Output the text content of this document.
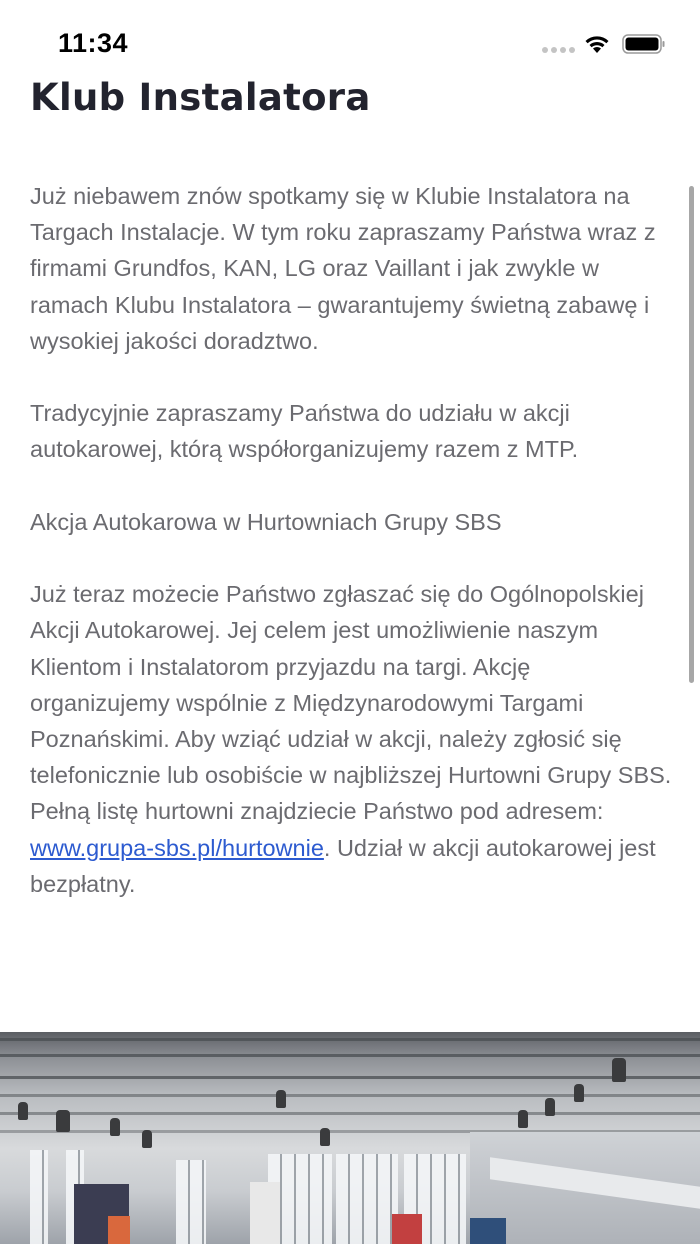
11:34
Klub Instalatora

Już niebawem znów spotkamy się w Klubie Instalatora na Targach Instalacje. W tym roku zapraszamy Państwa wraz z firmami Grundfos, KAN, LG oraz Vaillant i jak zwykle w ramach Klubu Instalatora – gwarantujemy świetną zabawę i wysokiej jakości doradztwo.

Tradycyjnie zapraszamy Państwa do udziału w akcji autokarowej, którą współorganizujemy razem z MTP.

Akcja Autokarowa w Hurtowniach Grupy SBS

Już teraz możecie Państwo zgłaszać się do Ogólnopolskiej Akcji Autokarowej. Jej celem jest umożliwienie naszym Klientom i Instalatorom przyjazdu na targi. Akcję organizujemy wspólnie z Międzynarodowymi Targami Poznańskimi. Aby wziąć udział w akcji, należy zgłosić się telefonicznie lub osobiście w najbliższej Hurtowni Grupy SBS. Pełną listę hurtowni znajdziecie Państwo pod adresem: www.grupa-sbs.pl/hurtownie. Udział w akcji autokarowej jest bezpłatny.
